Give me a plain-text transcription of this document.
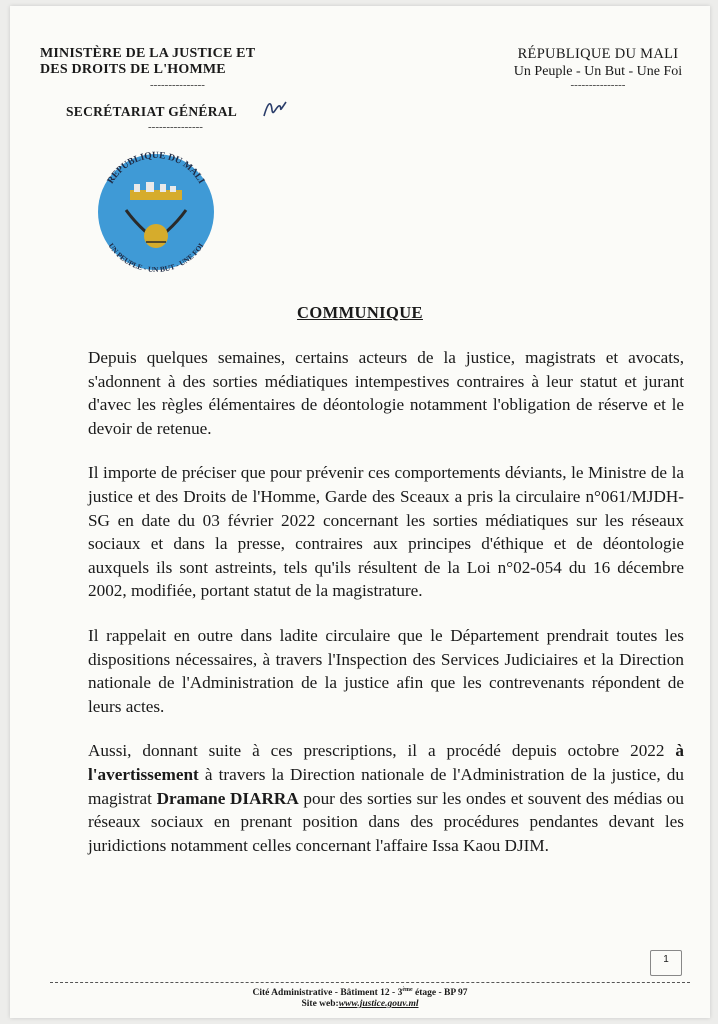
MINISTÈRE DE LA JUSTICE ET
DES DROITS DE L'HOMME
---------------
SECRÉTARIAT GÉNÉRAL
---------------
RÉPUBLIQUE DU MALI
Un Peuple - Un But - Une Foi
---------------
REPUBLIQUE DU MALI
UN PEUPLE - UN BUT - UNE FOI
COMMUNIQUE

Depuis quelques semaines, certains acteurs de la justice, magistrats et avocats, s'adonnent à des sorties médiatiques intempestives contraires à leur statut et jurant d'avec les règles élémentaires de déontologie notamment l'obligation de réserve et le devoir de retenue.

Il importe de préciser que pour prévenir ces comportements déviants, le Ministre de la justice et des Droits de l'Homme, Garde des Sceaux a pris la circulaire n°061/MJDH-SG en date du 03 février 2022 concernant les sorties médiatiques sur les réseaux sociaux et dans la presse, contraires aux principes d'éthique et de déontologie auxquels ils sont astreints, tels qu'ils résultent de la Loi n°02-054 du 16 décembre 2002, modifiée, portant statut de la magistrature.

Il rappelait en outre dans ladite circulaire que le Département prendrait toutes les dispositions nécessaires, à travers l'Inspection des Services Judiciaires et la Direction nationale de l'Administration de la justice afin que les contrevenants répondent de leurs actes.

Aussi, donnant suite à ces prescriptions, il a procédé depuis octobre 2022 à l'avertissement à travers la Direction nationale de l'Administration de la justice, du magistrat Dramane DIARRA pour des sorties sur les ondes et souvent des médias ou réseaux sociaux en prenant position dans des procédures pendantes devant les juridictions notamment celles concernant l'affaire Issa Kaou DJIM.

1
Cité Administrative - Bâtiment 12 - 3ème étage - BP 97
Site web:www.justice.gouv.ml
